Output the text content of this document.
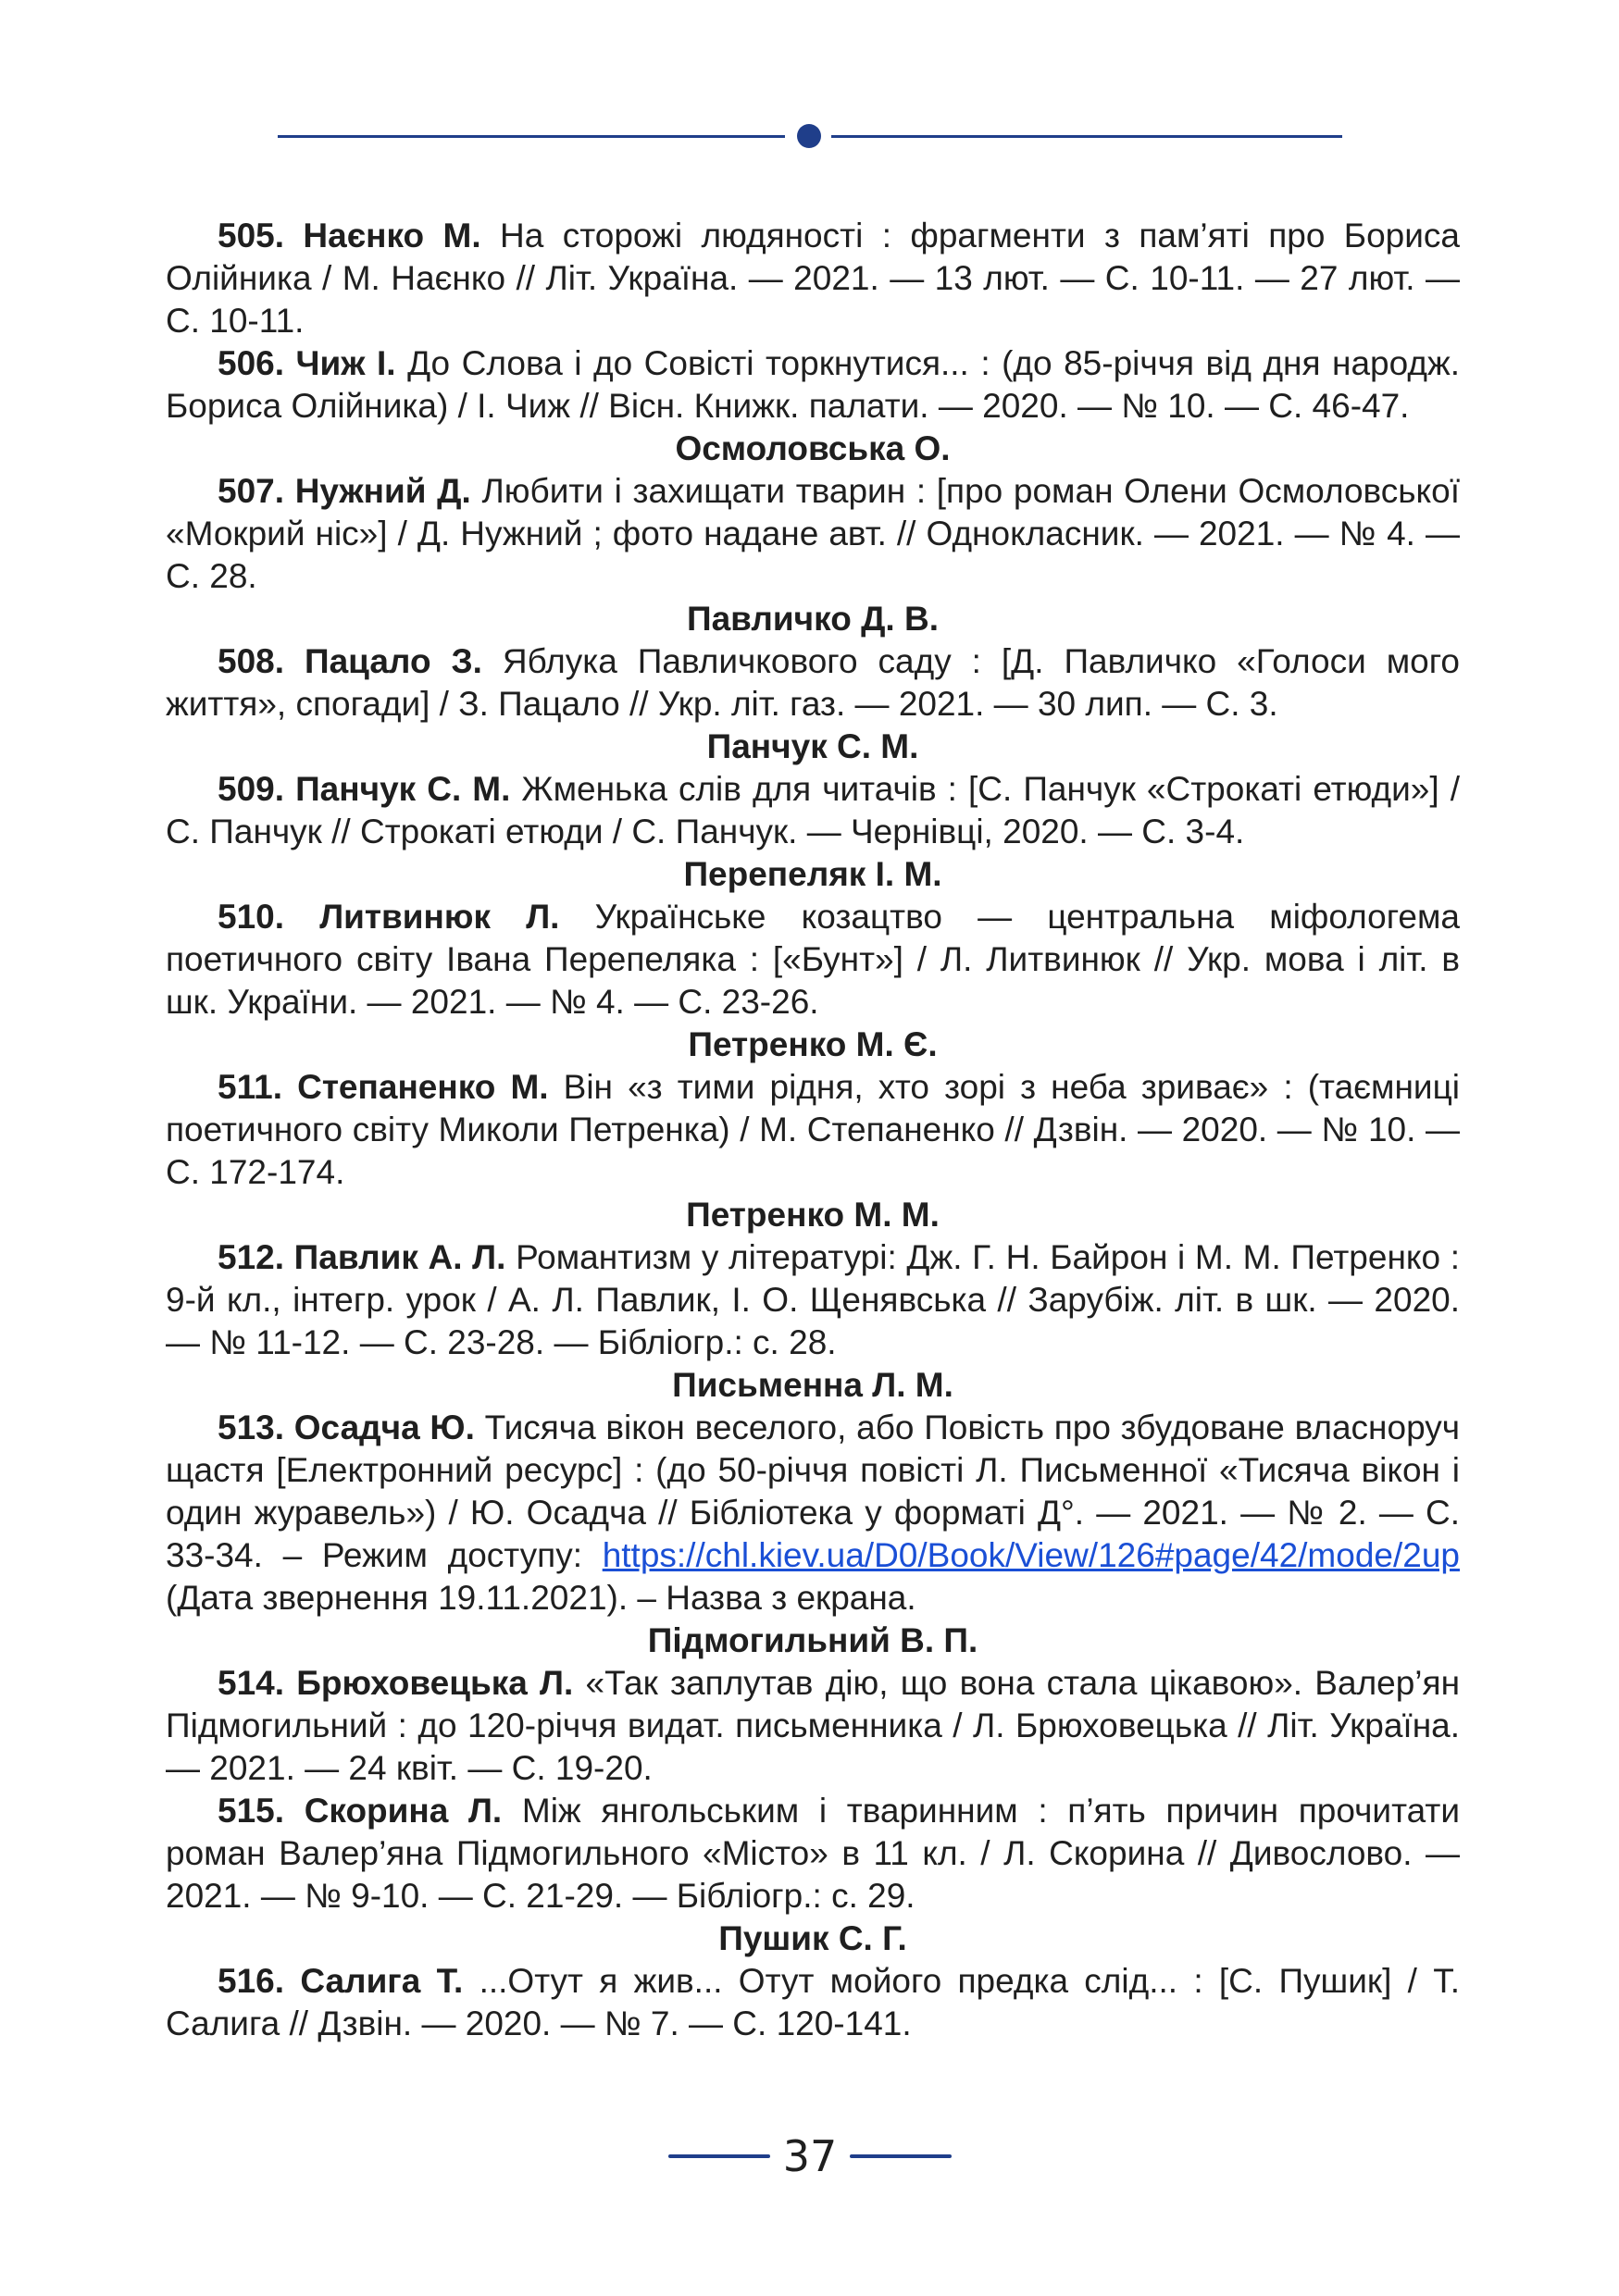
505. Наєнко М. На сторожі людяності : фрагменти з пам’яті про Бориса Олійника / М. Наєнко // Літ. Україна. — 2021. — 13 лют. — С. 10-11. — 27 лют. — С. 10-11.

506. Чиж І. До Слова і до Совісті торкнутися... : (до 85-річчя від дня народж. Бориса Олійника) / І. Чиж // Вісн. Книжк. палати. — 2020. — № 10. — С. 46-47.

Осмоловська О.

507. Нужний Д. Любити і захищати тварин : [про роман Олени Осмоловської «Мокрий ніс»] / Д. Нужний ; фото надане авт. // Однокласник. — 2021. — № 4. — С. 28.

Павличко Д. В.

508. Пацало З. Яблука Павличкового саду : [Д. Павличко «Голоси мого життя», спогади] / З. Пацало // Укр. літ. газ. — 2021. — 30 лип. — С. 3.

Панчук С. М.

509. Панчук С. М. Жменька слів для читачів : [С. Панчук «Строкаті етюди»] / С. Панчук // Строкаті етюди / С. Панчук. — Чернівці, 2020. — С. 3-4.

Перепеляк І. М.

510. Литвинюк Л. Українське козацтво — центральна міфологема поетичного світу Івана Перепеляка : [«Бунт»] / Л. Литвинюк // Укр. мова і літ. в шк. України. — 2021. — № 4. — С. 23-26.

Петренко М. Є.

511. Степаненко М. Він «з тими рідня, хто зорі з неба зриває» : (таємниці поетичного світу Миколи Петренка) / М. Степаненко // Дзвін. — 2020. — № 10. — С. 172-174.

Петренко М. М.

512. Павлик А. Л. Романтизм у літературі: Дж. Г. Н. Байрон і М. М. Петренко : 9-й кл., інтегр. урок / А. Л. Павлик, І. О. Щенявська // Зарубіж. літ. в шк. — 2020. — № 11-12. — С. 23-28. — Бібліогр.: с. 28.

Письменна Л. М.

513. Осадча Ю. Тисяча вікон веселого, або Повість про збудоване власноруч щастя [Електронний ресурс] : (до 50-річчя повісті Л. Письменної «Тисяча вікон і один журавель») / Ю. Осадча // Бібліотека у форматі Д°. — 2021. — № 2. — С. 33-34. – Режим доступу: https://chl.kiev.ua/D0/Book/View/126#page/42/mode/2up (Дата звернення 19.11.2021). – Назва з екрана.

Підмогильний В. П.

514. Брюховецька Л. «Так заплутав дію, що вона стала цікавою». Валер’ян Підмогильний : до 120-річчя видат. письменника / Л. Брюховецька // Літ. Україна. — 2021. — 24 квіт. — С. 19-20.

515. Скорина Л. Між янгольським і тваринним : п’ять причин прочитати роман Валер’яна Підмогильного «Місто» в 11 кл. / Л. Скорина // Дивослово. — 2021. — № 9-10. — С. 21-29. — Бібліогр.: с. 29.

Пушик С. Г.

516. Салига Т. ...Отут я жив... Отут мойого предка слід... : [С. Пушик] / Т. Салига // Дзвін. — 2020. — № 7. — С. 120-141.

37
